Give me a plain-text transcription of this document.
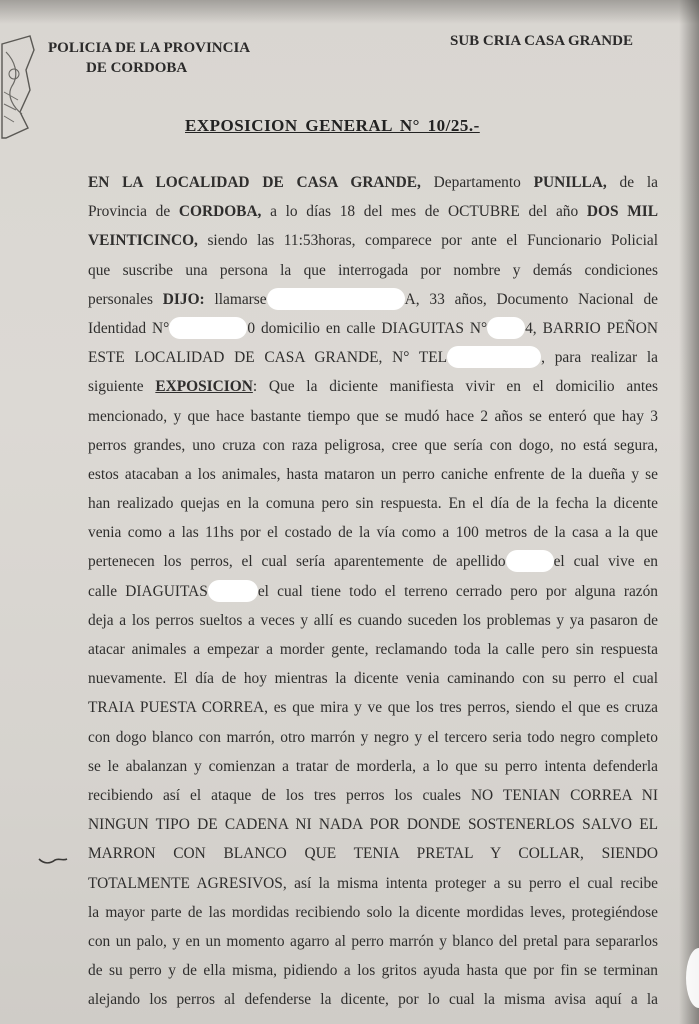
POLICIA DE LA PROVINCIA
DE CORDOBA
SUB CRIA CASA GRANDE
EXPOSICION GENERAL N° 10/25.-
EN LA LOCALIDAD DE CASA GRANDE, Departamento PUNILLA, de la
Provincia de CORDOBA, a lo días 18 del mes de OCTUBRE del año DOS MIL
VEINTICINCO, siendo las 11:53horas, comparece por ante el Funcionario Policial
que suscribe una persona la que interrogada por nombre y demás condiciones
personales DIJO: llamarse	A, 33 años, Documento Nacional de
Identidad N°	0 domicilio en calle DIAGUITAS N° 4, BARRIO PEÑON
ESTE LOCALIDAD DE CASA GRANDE, N° TEL	, para realizar la
siguiente EXPOSICION: Que la diciente manifiesta vivir en el domicilio antes
mencionado, y que hace bastante tiempo que se mudó hace 2 años se enteró que hay 3
perros grandes, uno cruza con raza peligrosa, cree que sería con dogo, no está segura,
estos atacaban a los animales, hasta mataron un perro caniche enfrente de la dueña y se
han realizado quejas en la comuna pero sin respuesta. En el día de la fecha la dicente
venia como a las 11hs por el costado de la vía como a 100 metros de la casa a la que
pertenecen los perros, el cual sería aparentemente de apellido	el cual vive en
calle DIAGUITAS	el cual tiene todo el terreno cerrado pero por alguna razón
deja a los perros sueltos a veces y allí es cuando suceden los problemas y ya pasaron de
atacar animales a empezar a morder gente, reclamando toda la calle pero sin respuesta
nuevamente. El día de hoy mientras la dicente venia caminando con su perro el cual
TRAIA PUESTA CORREA, es que mira y ve que los tres perros, siendo el que es cruza
con dogo blanco con marrón, otro marrón y negro y el tercero seria todo negro completo
se le abalanzan y comienzan a tratar de morderla, a lo que su perro intenta defenderla
recibiendo así el ataque de los tres perros los cuales NO TENIAN CORREA NI
NINGUN TIPO DE CADENA NI NADA POR DONDE SOSTENERLOS SALVO EL
MARRON CON BLANCO QUE TENIA PRETAL Y COLLAR, SIENDO
TOTALMENTE AGRESIVOS, así la misma intenta proteger a su perro el cual recibe
la mayor parte de las mordidas recibiendo solo la dicente mordidas leves, protegiéndose
con un palo, y en un momento agarro al perro marrón y blanco del pretal para separarlos
de su perro y de ella misma, pidiendo a los gritos ayuda hasta que por fin se terminan
alejando los perros al defenderse la dicente, por lo cual la misma avisa aquí a la
